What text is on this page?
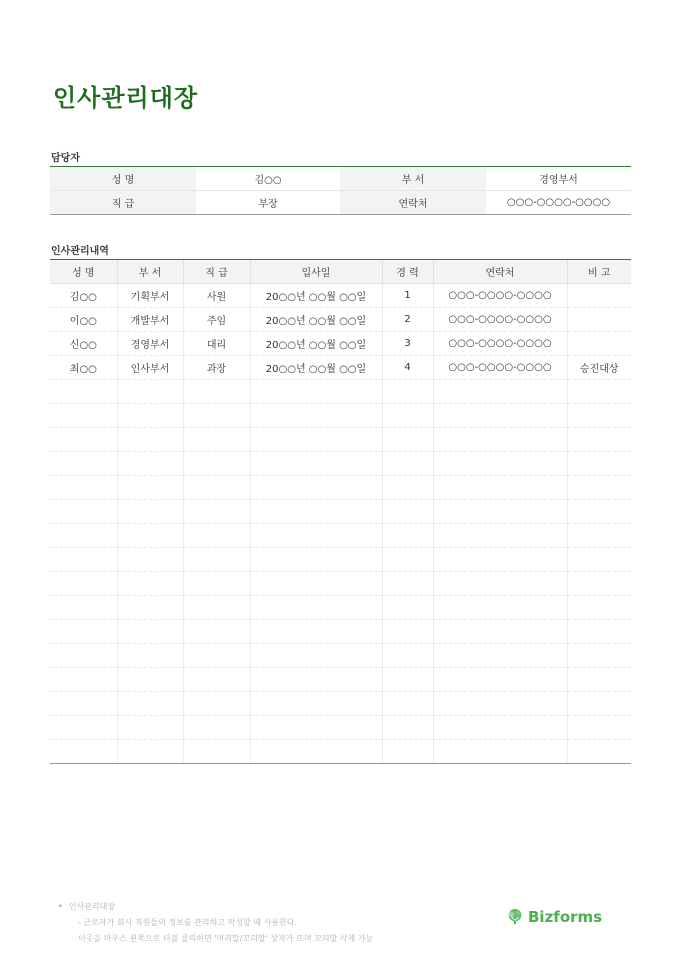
인사관리대장
담당자
성 명	김○○	부 서	경영부서
직 급	부장	연락처	○○○-○○○○-○○○○
인사관리내역
성 명	부 서	직 급	입사일	경 력	연락처	비 고
김○○	기획부서	사원	20○○년 ○○월 ○○일	1	○○○-○○○○-○○○○	
이○○	개발부서	주임	20○○년 ○○월 ○○일	2	○○○-○○○○-○○○○	
신○○	경영부서	대리	20○○년 ○○월 ○○일	3	○○○-○○○○-○○○○	
최○○	인사부서	과장	20○○년 ○○월 ○○일	4	○○○-○○○○-○○○○	승진대상

• 인사관리대장
- 근로자가 회사 직원들의 정보를 관리하고 작성할 때 사용한다.
이곳을 마우스 왼쪽으로 더블 클릭하면 '머리말/꼬리말' 상자가 뜨며 꼬리말 삭제 가능
Bizforms
